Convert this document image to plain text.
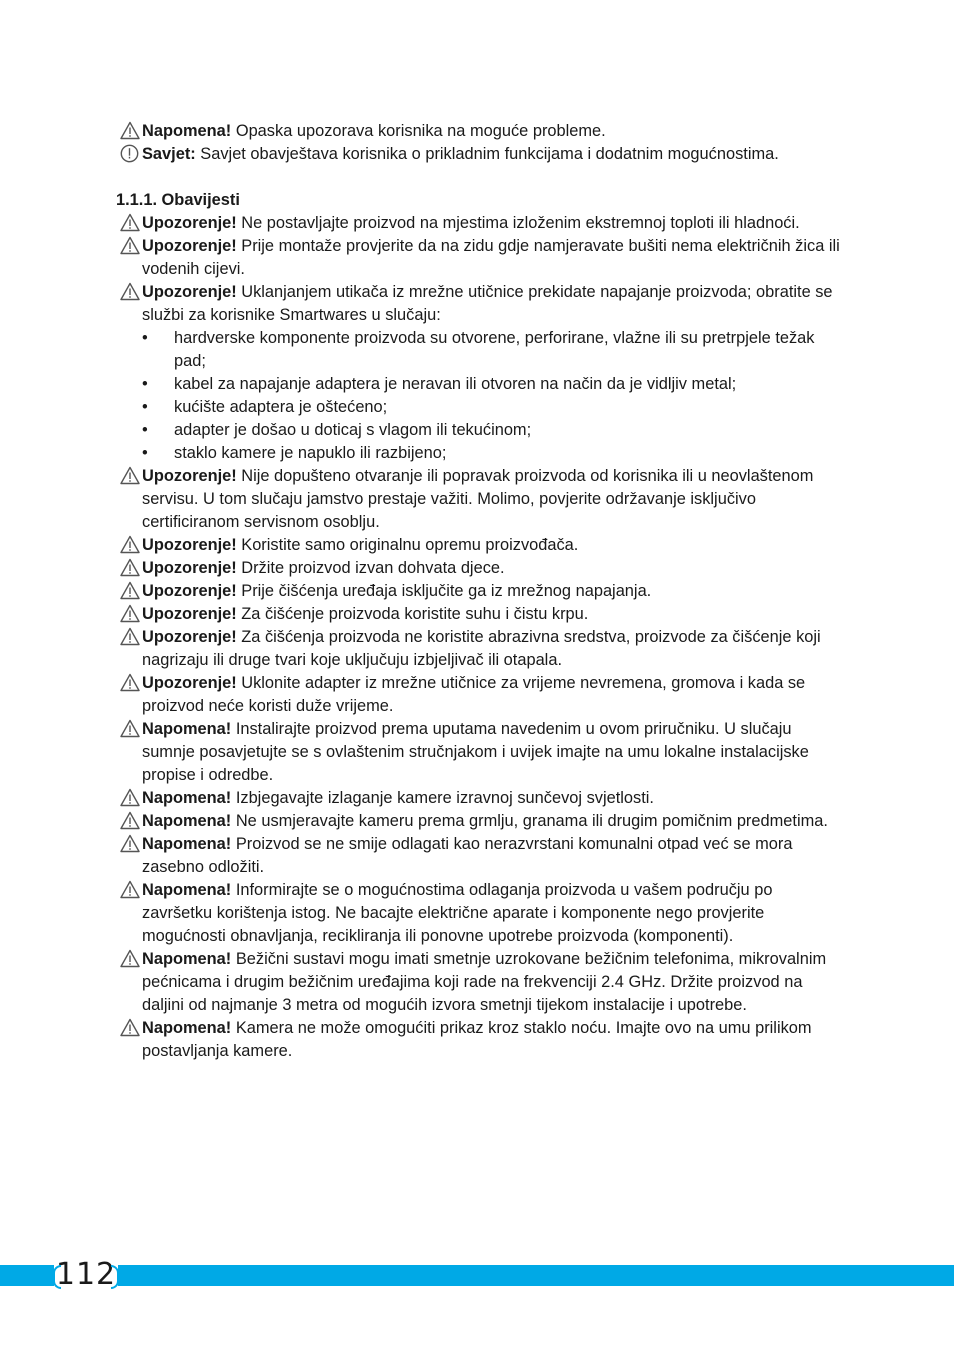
Napomena! Opaska upozorava korisnika na moguće probleme.
Savjet: Savjet obavještava korisnika o prikladnim funkcijama i dodatnim mogućnostima.
1.1.1. Obavijesti
Upozorenje! Ne postavljajte proizvod na mjestima izloženim ekstremnoj toploti ili hladnoći.
Upozorenje! Prije montaže provjerite da na zidu gdje namjeravate bušiti nema električnih žica ili vodenih cijevi.
Upozorenje! Uklanjanjem utikača iz mrežne utičnice prekidate napajanje proizvoda; obratite se službi za korisnike Smartwares u slučaju:
•	hardverske komponente proizvoda su otvorene, perforirane, vlažne ili su pretrpjele težak pad;
•	kabel za napajanje adaptera je neravan ili otvoren na način da je vidljiv metal;
•	kućište adaptera je oštećeno;
•	adapter je došao u doticaj s vlagom ili tekućinom;
•	staklo kamere je napuklo ili razbijeno;
Upozorenje! Nije dopušteno otvaranje ili popravak proizvoda od korisnika ili u neovlaštenom servisu. U tom slučaju jamstvo prestaje važiti. Molimo, povjerite održavanje isključivo certificiranom servisnom osoblju.
Upozorenje! Koristite samo originalnu opremu proizvođača.
Upozorenje! Držite proizvod izvan dohvata djece.
Upozorenje! Prije čišćenja uređaja isključite ga iz mrežnog napajanja.
Upozorenje! Za čišćenje proizvoda koristite suhu i čistu krpu.
Upozorenje! Za čišćenja proizvoda ne koristite abrazivna sredstva, proizvode za čišćenje koji nagrizaju ili druge tvari koje uključuju izbjeljivač ili otapala.
Upozorenje! Uklonite adapter iz mrežne utičnice za vrijeme nevremena, gromova i kada se proizvod neće koristi duže vrijeme.
Napomena! Instalirajte proizvod prema uputama navedenim u ovom priručniku. U slučaju sumnje posavjetujte se s ovlaštenim stručnjakom i uvijek imajte na umu lokalne instalacijske propise i odredbe.
Napomena! Izbjegavajte izlaganje kamere izravnoj sunčevoj svjetlosti.
Napomena! Ne usmjeravajte kameru prema grmlju, granama ili drugim pomičnim predmetima.
Napomena! Proizvod se ne smije odlagati kao nerazvrstani komunalni otpad već se mora zasebno odložiti.
Napomena! Informirajte se o mogućnostima odlaganja proizvoda u vašem području po završetku korištenja istog. Ne bacajte električne aparate i komponente nego provjerite mogućnosti obnavljanja, recikliranja ili ponovne upotrebe proizvoda (komponenti).
Napomena! Bežični sustavi mogu imati smetnje uzrokovane bežičnim telefonima, mikrovalnim pećnicama i drugim bežičnim uređajima koji rade na frekvenciji 2.4 GHz. Držite proizvod na daljini od najmanje 3 metra od mogućih izvora smetnji tijekom instalacije i upotrebe.
Napomena! Kamera ne može omogućiti prikaz kroz staklo noću. Imajte ovo na umu prilikom postavljanja kamere.
112
